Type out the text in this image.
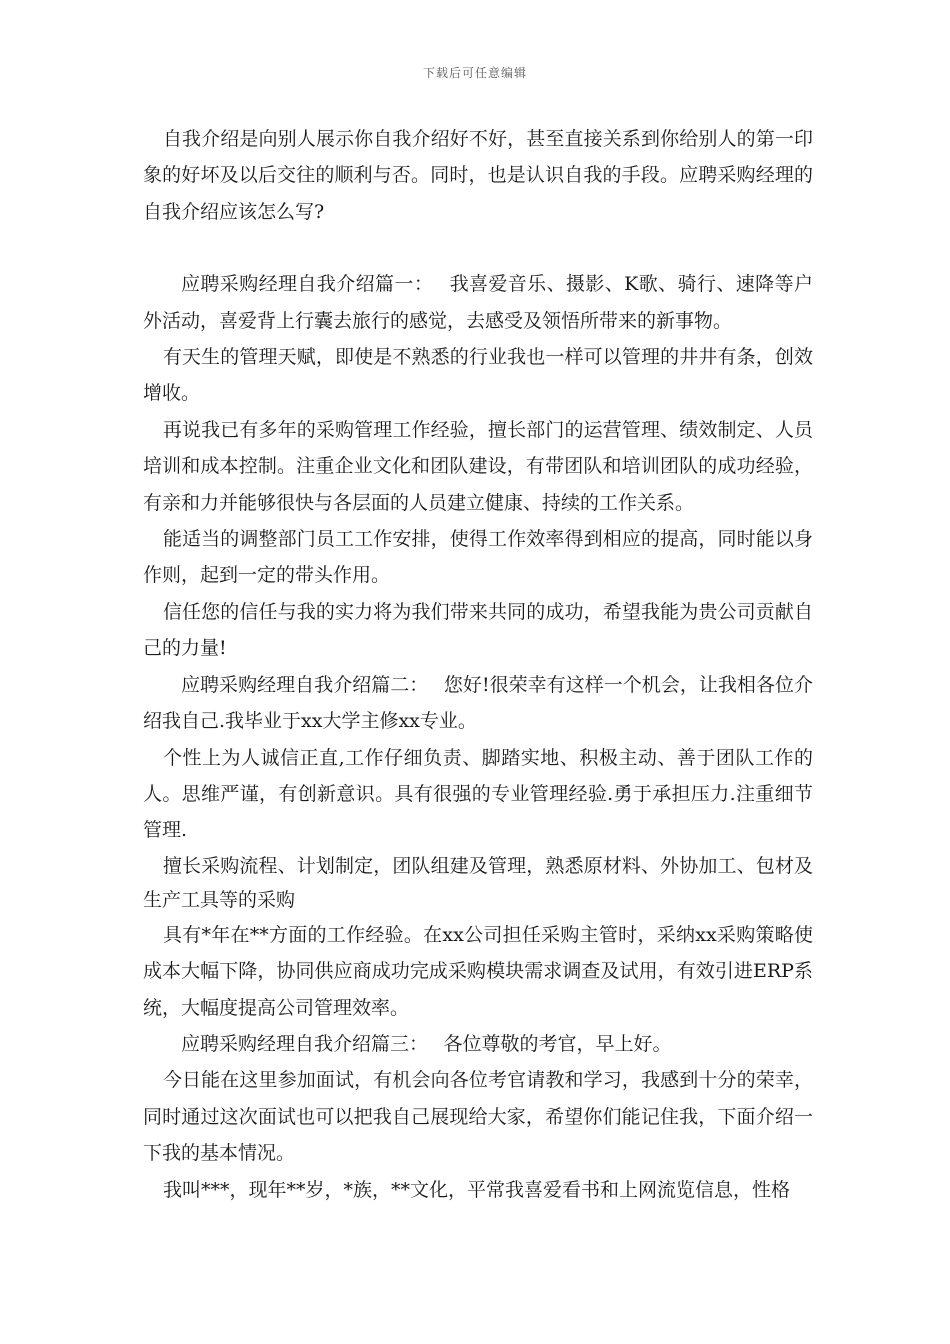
下载后可任意编辑

自我介绍是向别人展示你自我介绍好不好，甚至直接关系到你给别人的第一印象的好坏及以后交往的顺利与否。同时，也是认识自我的手段。应聘采购经理的自我介绍应该怎么写?

应聘采购经理自我介绍篇一：　 我喜爱音乐、摄影、K歌、骑行、速降等户外活动，喜爱背上行囊去旅行的感觉，去感受及领悟所带来的新事物。

有天生的管理天赋，即使是不熟悉的行业我也一样可以管理的井井有条，创效增收。

再说我已有多年的采购管理工作经验，擅长部门的运营管理、绩效制定、人员培训和成本控制。注重企业文化和团队建设，有带团队和培训团队的成功经验，有亲和力并能够很快与各层面的人员建立健康、持续的工作关系。

能适当的调整部门员工工作安排，使得工作效率得到相应的提高，同时能以身作则，起到一定的带头作用。

信任您的信任与我的实力将为我们带来共同的成功，希望我能为贵公司贡献自己的力量!

应聘采购经理自我介绍篇二：　 您好!很荣幸有这样一个机会，让我相各位介绍我自己.我毕业于xx大学主修xx专业。

个性上为人诚信正直,工作仔细负责、脚踏实地、积极主动、善于团队工作的人。思维严谨，有创新意识。具有很强的专业管理经验.勇于承担压力.注重细节管理.

擅长采购流程、计划制定，团队组建及管理，熟悉原材料、外协加工、包材及生产工具等的采购

具有*年在**方面的工作经验。在xx公司担任采购主管时，采纳xx采购策略使成本大幅下降，协同供应商成功完成采购模块需求调查及试用，有效引进ERP系统，大幅度提高公司管理效率。

应聘采购经理自我介绍篇三：　 各位尊敬的考官，早上好。

今日能在这里参加面试，有机会向各位考官请教和学习，我感到十分的荣幸，同时通过这次面试也可以把我自己展现给大家，希望你们能记住我，下面介绍一下我的基本情况。

我叫***，现年**岁，*族，**文化，平常我喜爱看书和上网流览信息，性格
